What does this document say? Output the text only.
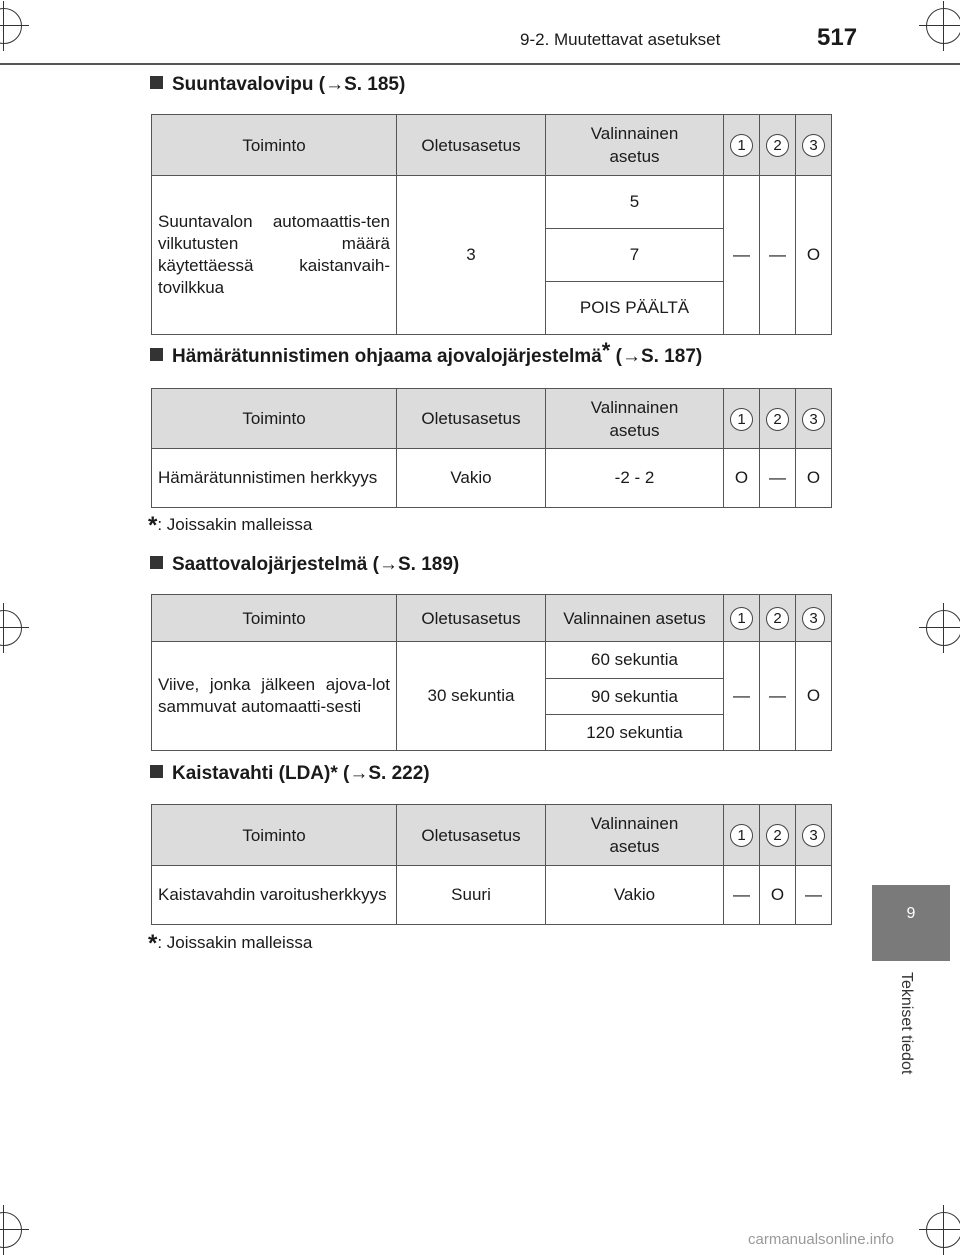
9-2. Muutettavat asetukset	517
9
Tekniset tiedot
Suuntavalovipu (→S. 185)
Toiminto	Oletusasetus	Valinnainen
asetus	1	2	3
Suuntavalon automaattis-ten vilkutusten määrä käytettäessä kaistanvaih-tovilkkua	3	5	—	—	O
		7			
		POIS PÄÄLTÄ			
Hämärätunnistimen ohjaama ajovalojärjestelmä* (→S. 187)
Toiminto	Oletusasetus	Valinnainen
asetus	1	2	3
Hämärätunnistimen herkkyys	Vakio	-2 - 2	O	—	O
*: Joissakin malleissa
Saattovalojärjestelmä (→S. 189)
Toiminto	Oletusasetus	Valinnainen asetus	1	2	3
Viive, jonka jälkeen ajova-lot sammuvat automaatti-sesti	30 sekuntia	60 sekuntia	—	—	O
		90 sekuntia			
		120 sekuntia			
Kaistavahti (LDA)* (→S. 222)
Toiminto	Oletusasetus	Valinnainen
asetus	1	2	3
Kaistavahdin varoitusherkkyys	Suuri	Vakio	—	O	—
*: Joissakin malleissa
carmanualsonline.info
